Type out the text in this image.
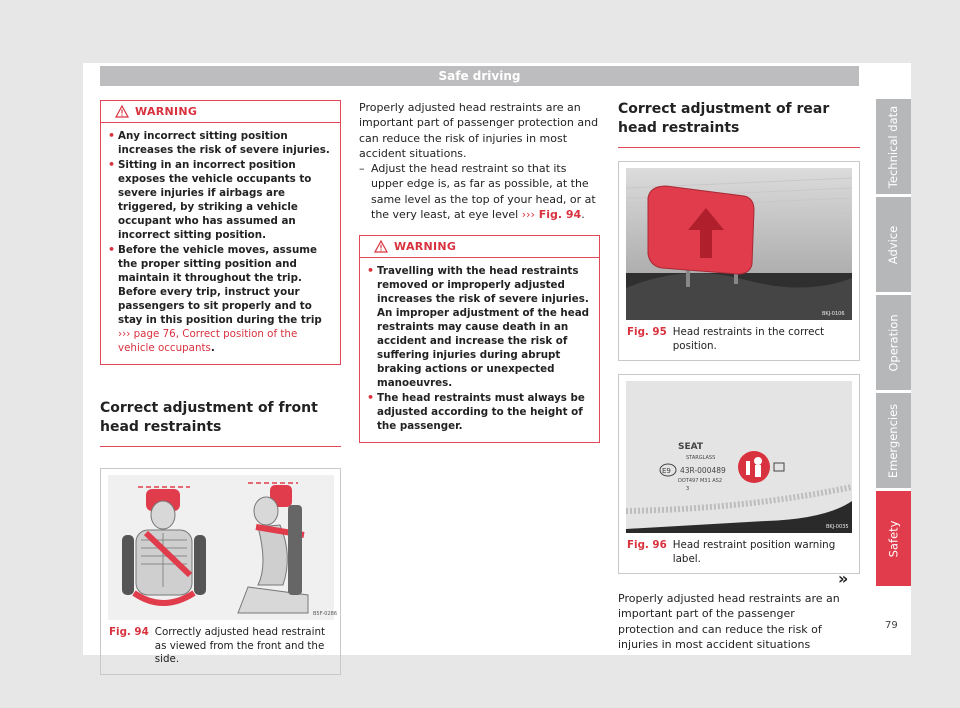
Safe driving
WARNING
• Any incorrect sitting position increases the risk of severe injuries.
• Sitting in an incorrect position exposes the vehicle occupants to severe injuries if airbags are triggered, by striking a vehicle occupant who has assumed an incorrect sitting position.
• Before the vehicle moves, assume the proper sitting position and maintain it throughout the trip. Before every trip, instruct your passengers to sit properly and to stay in this position during the trip ››› page 76, Correct position of the vehicle occupants.
Correct adjustment of front head restraints
B5F-0286
Fig. 94 Correctly adjusted head restraint as viewed from the front and the side.
Properly adjusted head restraints are an important part of passenger protection and can reduce the risk of injuries in most accident situations.
– Adjust the head restraint so that its upper edge is, as far as possible, at the same level as the top of your head, or at the very least, at eye level ››› Fig. 94.
WARNING
• Travelling with the head restraints removed or improperly adjusted increases the risk of severe injuries. An improper adjustment of the head restraints may cause death in an accident and increase the risk of suffering injuries during abrupt braking actions or unexpected manoeuvres.
• The head restraints must always be adjusted according to the height of the passenger.
Correct adjustment of rear head restraints
BKJ-0106
Fig. 95 Head restraints in the correct position.
SEAT
STARGLASS
E9 43R-000489
DOT497 M31 AS2
3
BKJ-0035
Fig. 96 Head restraint position warning label.
Properly adjusted head restraints are an important part of the passenger protection and can reduce the risk of injuries in most accident situations
»
Technical data
Advice
Operation
Emergencies
Safety
79
